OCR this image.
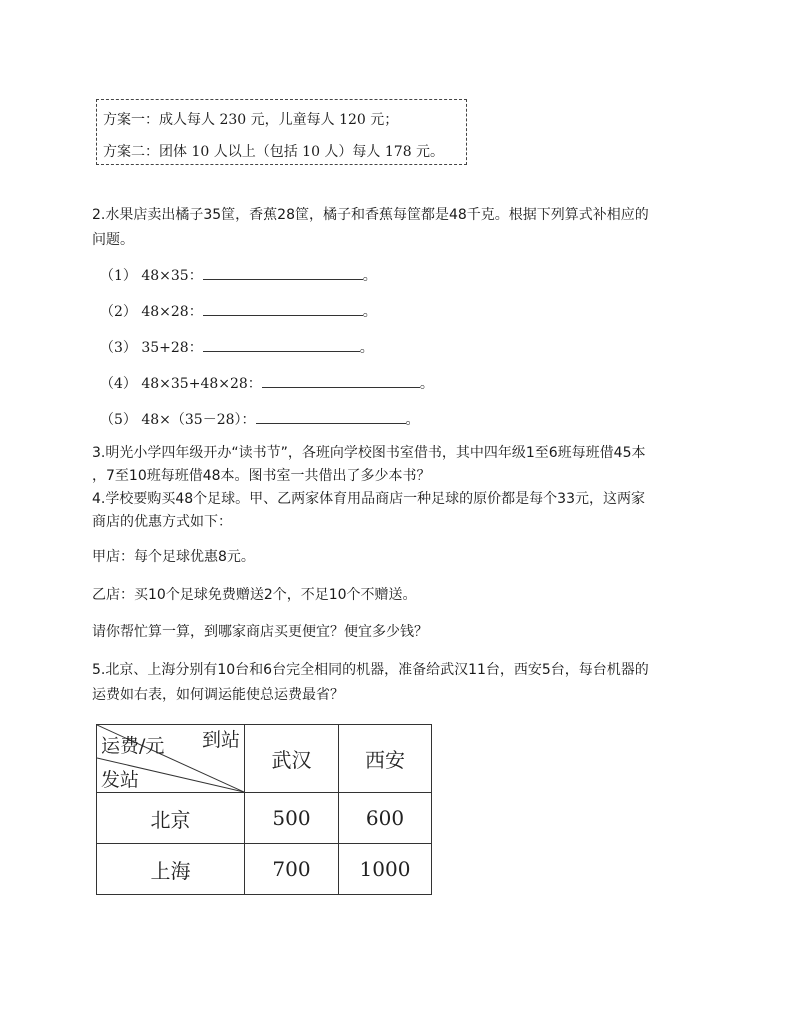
方案一：成人每人 230 元，儿童每人 120 元；
方案二：团体 10 人以上（包括 10 人）每人 178 元。
2.水果店卖出橘子35筐，香蕉28筐，橘子和香蕉每筐都是48千克。根据下列算式补相应的
问题。
（1） 48×35：	。
（2） 48×28：	。
（3） 35+28：	。
（4） 48×35+48×28：	。
（5） 48×（35－28）：	。
3.明光小学四年级开办“读书节”，各班向学校图书室借书，其中四年级1至6班每班借45本
，7至10班每班借48本。图书室一共借出了多少本书？
4.学校要购买48个足球。甲、乙两家体育用品商店一种足球的原价都是每个33元，这两家
商店的优惠方式如下：
甲店：每个足球优惠8元。
乙店：买10个足球免费赠送2个，不足10个不赠送。
请你帮忙算一算，到哪家商店买更便宜？便宜多少钱？
5.北京、上海分别有10台和6台完全相同的机器，准备给武汉11台，西安5台，每台机器的
运费如右表，如何调运能使总运费最省？
运费/元 到站
发站	武汉	西安
北京	500	600
上海	700	1000
